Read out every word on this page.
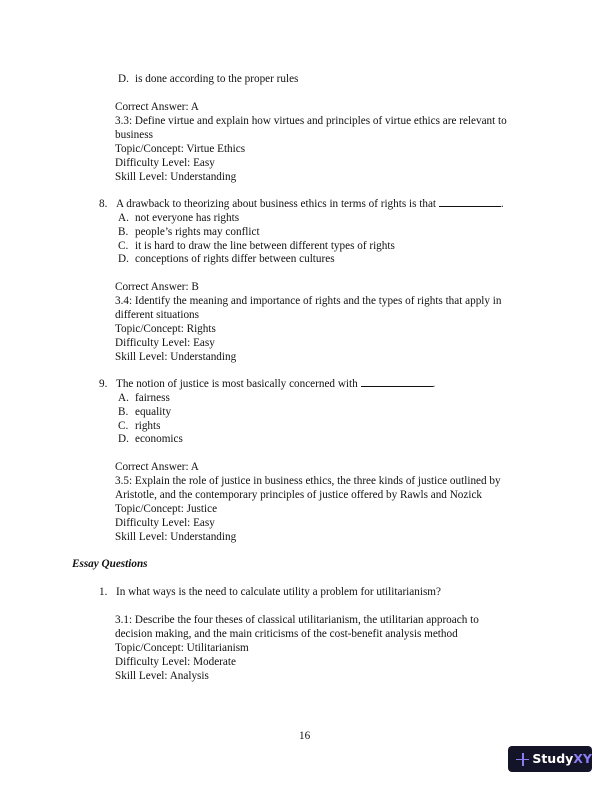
D. is done according to the proper rules
Correct Answer: A
3.3: Define virtue and explain how virtues and principles of virtue ethics are relevant to
business
Topic/Concept: Virtue Ethics
Difficulty Level: Easy
Skill Level: Understanding
8. A drawback to theorizing about business ethics in terms of rights is that	.
A. not everyone has rights
B. people’s rights may conflict
C. it is hard to draw the line between different types of rights
D. conceptions of rights differ between cultures
Correct Answer: B
3.4: Identify the meaning and importance of rights and the types of rights that apply in
different situations
Topic/Concept: Rights
Difficulty Level: Easy
Skill Level: Understanding
9. The notion of justice is most basically concerned with	.
A. fairness
B. equality
C. rights
D. economics
Correct Answer: A
3.5: Explain the role of justice in business ethics, the three kinds of justice outlined by
Aristotle, and the contemporary principles of justice offered by Rawls and Nozick
Topic/Concept: Justice
Difficulty Level: Easy
Skill Level: Understanding
Essay Questions
1. In what ways is the need to calculate utility a problem for utilitarianism?
3.1: Describe the four theses of classical utilitarianism, the utilitarian approach to
decision making, and the main criticisms of the cost-benefit analysis method
Topic/Concept: Utilitarianism
Difficulty Level: Moderate
Skill Level: Analysis
16
Study XY
